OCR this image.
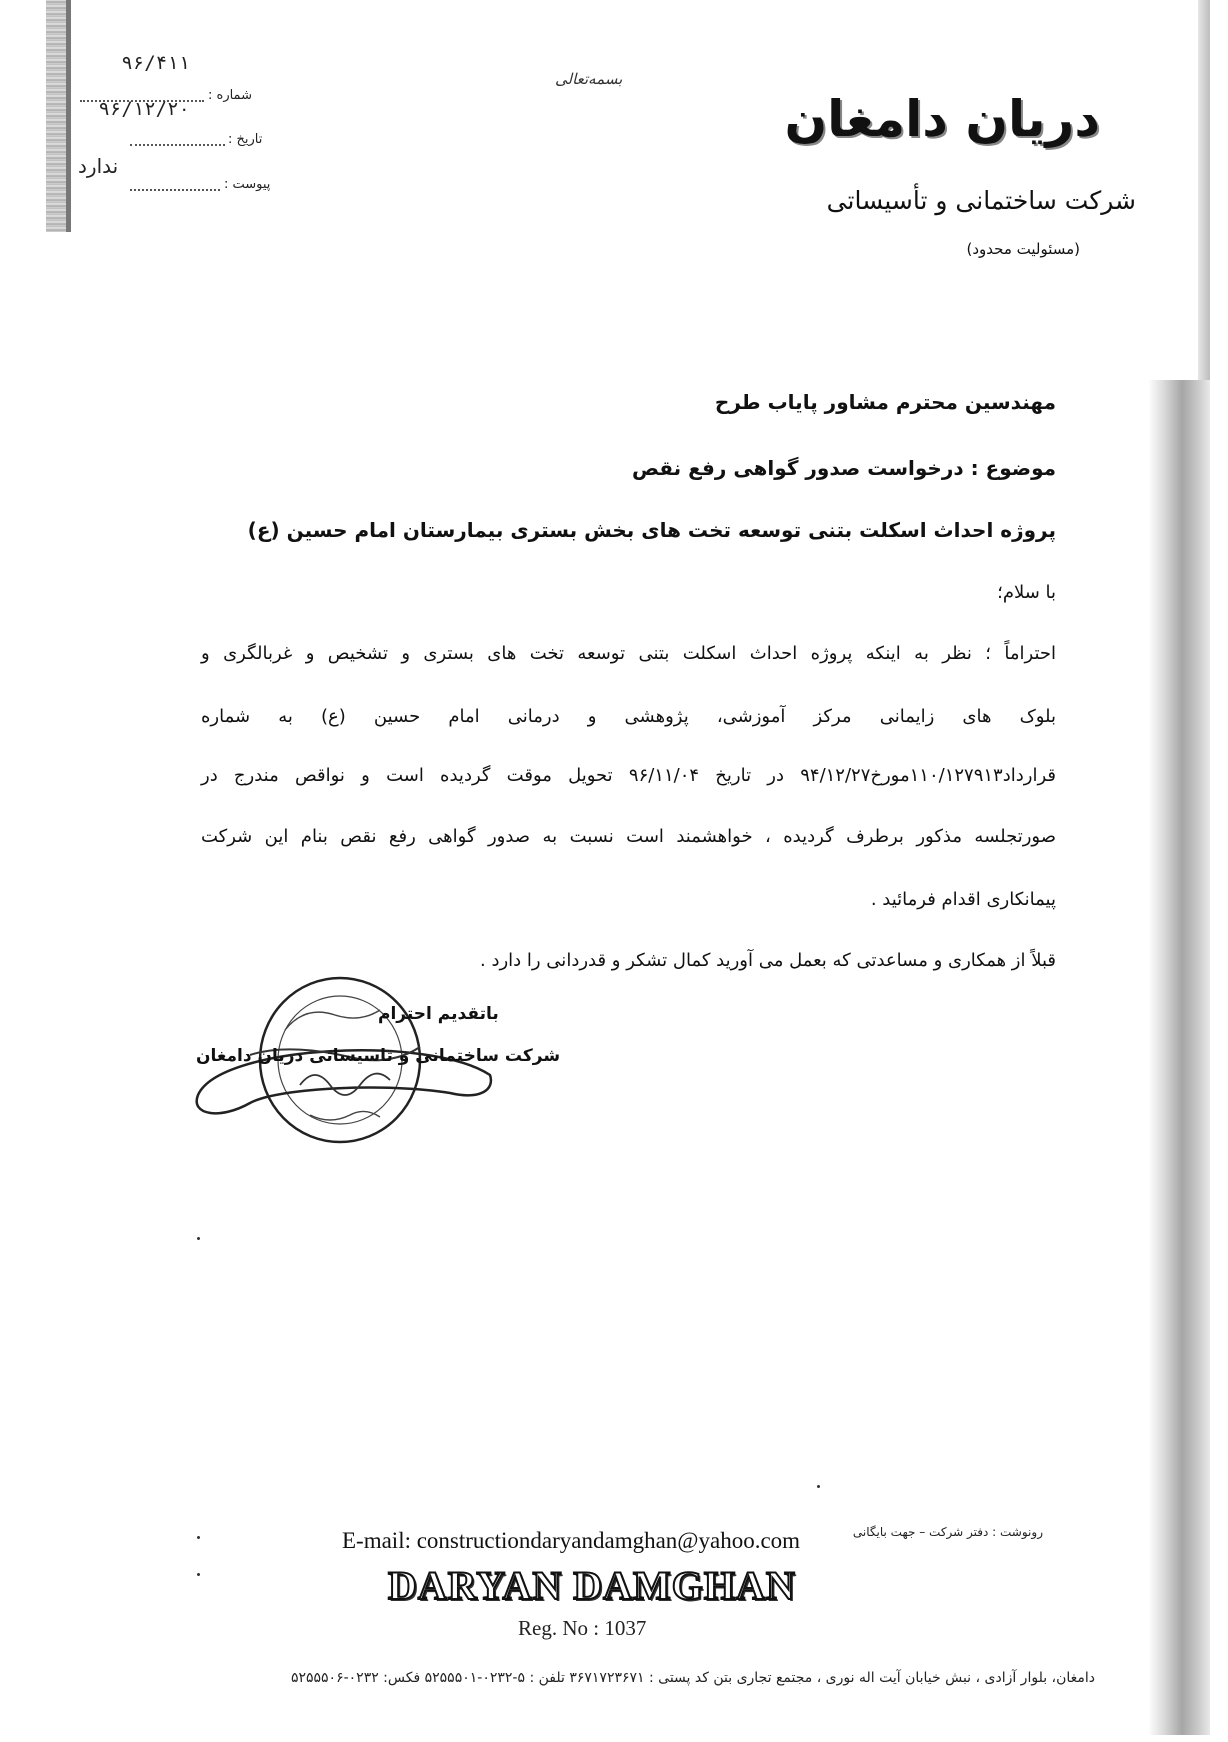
۹۶/۴۱۱
شماره :
۹۶/۱۲/۲۰
تاریخ :
ندارد
پیوست :
بسمه‌تعالی
دریان دامغان
شرکت ساختمانی و تأسیساتی
(مسئولیت محدود)
مهندسین محترم مشاور پایاب طرح
موضوع : درخواست صدور گواهی رفع نقص
پروژه احداث اسکلت بتنی توسعه تخت های بخش بستری بیمارستان امام حسین (ع)
با سلام؛
احتراماً ؛ نظر به اینکه پروژه احداث اسکلت بتنی توسعه تخت های بستری و تشخیص و غربالگری و
بلوک های زایمانی مرکز آموزشی، پژوهشی و درمانی امام حسین (ع) به شماره
قرارداد۱۱۰/۱۲۷۹۱۳مورخ۹۴/۱۲/۲۷ در تاریخ ۹۶/۱۱/۰۴ تحویل موقت گردیده است و نواقص مندرج در
صورتجلسه مذکور برطرف گردیده ، خواهشمند است نسبت به صدور گواهی رفع نقص بنام این شرکت
پیمانکاری اقدام فرمائید .
قبلاً از همکاری و مساعدتی که بعمل می آورید کمال تشکر و قدردانی را دارد .
باتقدیم احترام
شرکت ساختمانی و تاسیساتی دریان دامغان
رونوشت : دفتر شرکت – جهت بایگانی
E-mail: constructiondaryandamghan@yahoo.com
DARYAN DAMGHAN
Reg. No : 1037
دامغان، بلوار آزادی ، نبش خیابان آیت اله نوری ، مجتمع تجاری بتن کد پستی : ۳۶۷۱۷۲۳۶۷۱ تلفن : ۵-۰۲۳۲-۵۲۵۵۵۰۱ فکس: ۰۲۳۲-۵۲۵۵۵۰۶
